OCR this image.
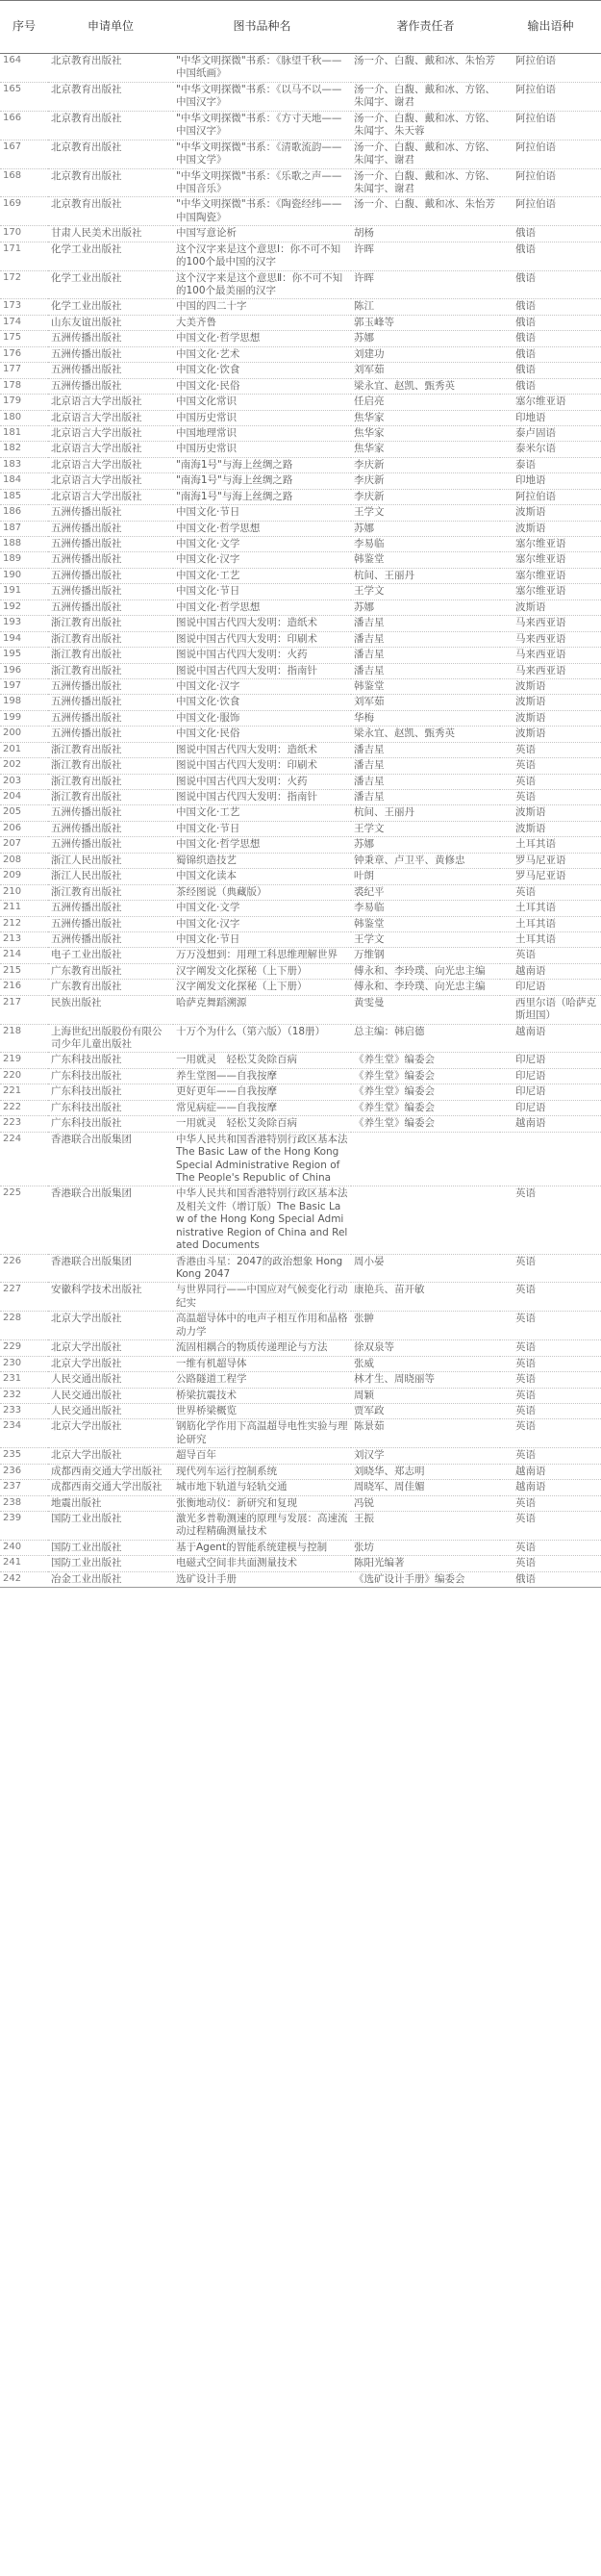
序号	申请单位	图书品种名	著作责任者	输出语种
164	北京教育出版社	"中华文明探微"书系：《脉望千秋——中国纸画》	汤一介、白馥、戴和冰、朱怡芳	阿拉伯语
165	北京教育出版社	"中华文明探微"书系：《以马不以——中国汉字》	汤一介、白馥、戴和冰、方铭、朱闻宇、谢君	阿拉伯语
166	北京教育出版社	"中华文明探微"书系：《方寸天地——中国汉字》	汤一介、白馥、戴和冰、方铭、朱闻宇、朱天蓉	阿拉伯语
167	北京教育出版社	"中华文明探微"书系：《清歌流韵——中国文学》	汤一介、白馥、戴和冰、方铭、朱闻宇、谢君	阿拉伯语
168	北京教育出版社	"中华文明探微"书系：《乐歌之声——中国音乐》	汤一介、白馥、戴和冰、方铭、朱闻宇、谢君	阿拉伯语
169	北京教育出版社	"中华文明探微"书系：《陶瓷经纬——中国陶瓷》	汤一介、白馥、戴和冰、朱怡芳	阿拉伯语
170	甘肃人民美术出版社	中国写意论析	胡杨	俄语
171	化学工业出版社	这个汉字来是这个意思Ⅰ：你不可不知的100个最中国的汉字	许晖	俄语
172	化学工业出版社	这个汉字来是这个意思Ⅱ：你不可不知的100个最美丽的汉字	许晖	俄语
173	化学工业出版社	中国的四二十字	陈江	俄语
174	山东友谊出版社	大美齐鲁	郭玉峰等	俄语
175	五洲传播出版社	中国文化·哲学思想	苏娜	俄语
176	五洲传播出版社	中国文化·艺术	刘建功	俄语
177	五洲传播出版社	中国文化·饮食	刘军茹	俄语
178	五洲传播出版社	中国文化·民俗	梁永宜、赵凯、甄秀英	俄语
179	北京语言大学出版社	中国文化常识	任启亮	塞尔维亚语
180	北京语言大学出版社	中国历史常识	焦华家	印地语
181	北京语言大学出版社	中国地理常识	焦华家	泰卢固语
182	北京语言大学出版社	中国历史常识	焦华家	泰米尔语
183	北京语言大学出版社	"南海1号"与海上丝绸之路	李庆新	泰语
184	北京语言大学出版社	"南海1号"与海上丝绸之路	李庆新	印地语
185	北京语言大学出版社	"南海1号"与海上丝绸之路	李庆新	阿拉伯语
186	五洲传播出版社	中国文化·节日	王学文	波斯语
187	五洲传播出版社	中国文化·哲学思想	苏娜	波斯语
188	五洲传播出版社	中国文化·文学	李易临	塞尔维亚语
189	五洲传播出版社	中国文化·汉字	韩鉴堂	塞尔维亚语
190	五洲传播出版社	中国文化·工艺	杭间、王丽丹	塞尔维亚语
191	五洲传播出版社	中国文化·节日	王学文	塞尔维亚语
192	五洲传播出版社	中国文化·哲学思想	苏娜	波斯语
193	浙江教育出版社	图说中国古代四大发明：造纸术	潘吉星	马来西亚语
194	浙江教育出版社	图说中国古代四大发明：印刷术	潘吉星	马来西亚语
195	浙江教育出版社	图说中国古代四大发明：火药	潘吉星	马来西亚语
196	浙江教育出版社	图说中国古代四大发明：指南针	潘吉星	马来西亚语
197	五洲传播出版社	中国文化·汉字	韩鉴堂	波斯语
198	五洲传播出版社	中国文化·饮食	刘军茹	波斯语
199	五洲传播出版社	中国文化·服饰	华梅	波斯语
200	五洲传播出版社	中国文化·民俗	梁永宜、赵凯、甄秀英	波斯语
201	浙江教育出版社	图说中国古代四大发明：造纸术	潘吉星	英语
202	浙江教育出版社	图说中国古代四大发明：印刷术	潘吉星	英语
203	浙江教育出版社	图说中国古代四大发明：火药	潘吉星	英语
204	浙江教育出版社	图说中国古代四大发明：指南针	潘吉星	英语
205	五洲传播出版社	中国文化·工艺	杭间、王丽丹	波斯语
206	五洲传播出版社	中国文化·节日	王学文	波斯语
207	五洲传播出版社	中国文化·哲学思想	苏娜	土耳其语
208	浙江人民出版社	蜀锦织造技艺	钟秉章、卢卫平、黄修忠	罗马尼亚语
209	浙江人民出版社	中国文化读本	叶朗	罗马尼亚语
210	浙江教育出版社	茶经图说（典藏版）	裘纪平	英语
211	五洲传播出版社	中国文化·文学	李易临	土耳其语
212	五洲传播出版社	中国文化·汉字	韩鉴堂	土耳其语
213	五洲传播出版社	中国文化·节日	王学文	土耳其语
214	电子工业出版社	万万没想到：用理工科思维理解世界	万维钢	英语
215	广东教育出版社	汉字阐发文化探秘（上下册）	傅永和、李玲璞、向光忠主编	越南语
216	广东教育出版社	汉字阐发文化探秘（上下册）	傅永和、李玲璞、向光忠主编	印尼语
217	民族出版社	哈萨克舞蹈溯源	黄雯曼	西里尔语（哈萨克斯坦国）
218	上海世纪出版股份有限公司少年儿童出版社	十万个为什么（第六版）（18册）	总主编：韩启德	越南语
219	广东科技出版社	一用就灵　轻松艾灸除百病	《养生堂》编委会	印尼语
220	广东科技出版社	养生堂图——自我按摩	《养生堂》编委会	印尼语
221	广东科技出版社	更好更年——自我按摩	《养生堂》编委会	印尼语
222	广东科技出版社	常见病症——自我按摩	《养生堂》编委会	印尼语
223	广东科技出版社	一用就灵　轻松艾灸除百病	《养生堂》编委会	越南语
224	香港联合出版集团	中华人民共和国香港特别行政区基本法 The Basic Law of the Hong Kong Special Administrative Region of The People's Republic of China		
225	香港联合出版集团	中华人民共和国香港特别行政区基本法及相关文件（增订版）The Basic Law of the Hong Kong Special Administrative Region of China and Related Documents		英语
226	香港联合出版集团	香港由斗星：2047的政治想象 Hong Kong 2047	周小晏	英语
227	安徽科学技术出版社	与世界同行——中国应对气候变化行动纪实	康艳兵、苗开敏	英语
228	北京大学出版社	高温超导体中的电声子相互作用和晶格动力学	张翀	英语
229	北京大学出版社	流固相耦合的物质传递理论与方法	徐双泉等	英语
230	北京大学出版社	一维有机超导体	张威	英语
231	人民交通出版社	公路隧道工程学	林才生、周晓丽等	英语
232	人民交通出版社	桥梁抗震技术	周颖	英语
233	人民交通出版社	世界桥梁概览	贾军政	英语
234	北京大学出版社	钢筋化学作用下高温超导电性实验与理论研究	陈景茹	英语
235	北京大学出版社	超导百年	刘汉学	英语
236	成都西南交通大学出版社	现代列车运行控制系统	刘晓华、郑志明	越南语
237	成都西南交通大学出版社	城市地下轨道与轻轨交通	周晓军、周佳媚	越南语
238	地震出版社	张衡地动仪：新研究和复现	冯锐	英语
239	国防工业出版社	激光多普勒测速的原理与发展：高速流动过程精确测量技术	王振	英语
240	国防工业出版社	基于Agent的智能系统建模与控制	张坊	英语
241	国防工业出版社	电磁式空间非共面测量技术	陈阳光编著	英语
242	冶金工业出版社	选矿设计手册	《选矿设计手册》编委会	俄语
